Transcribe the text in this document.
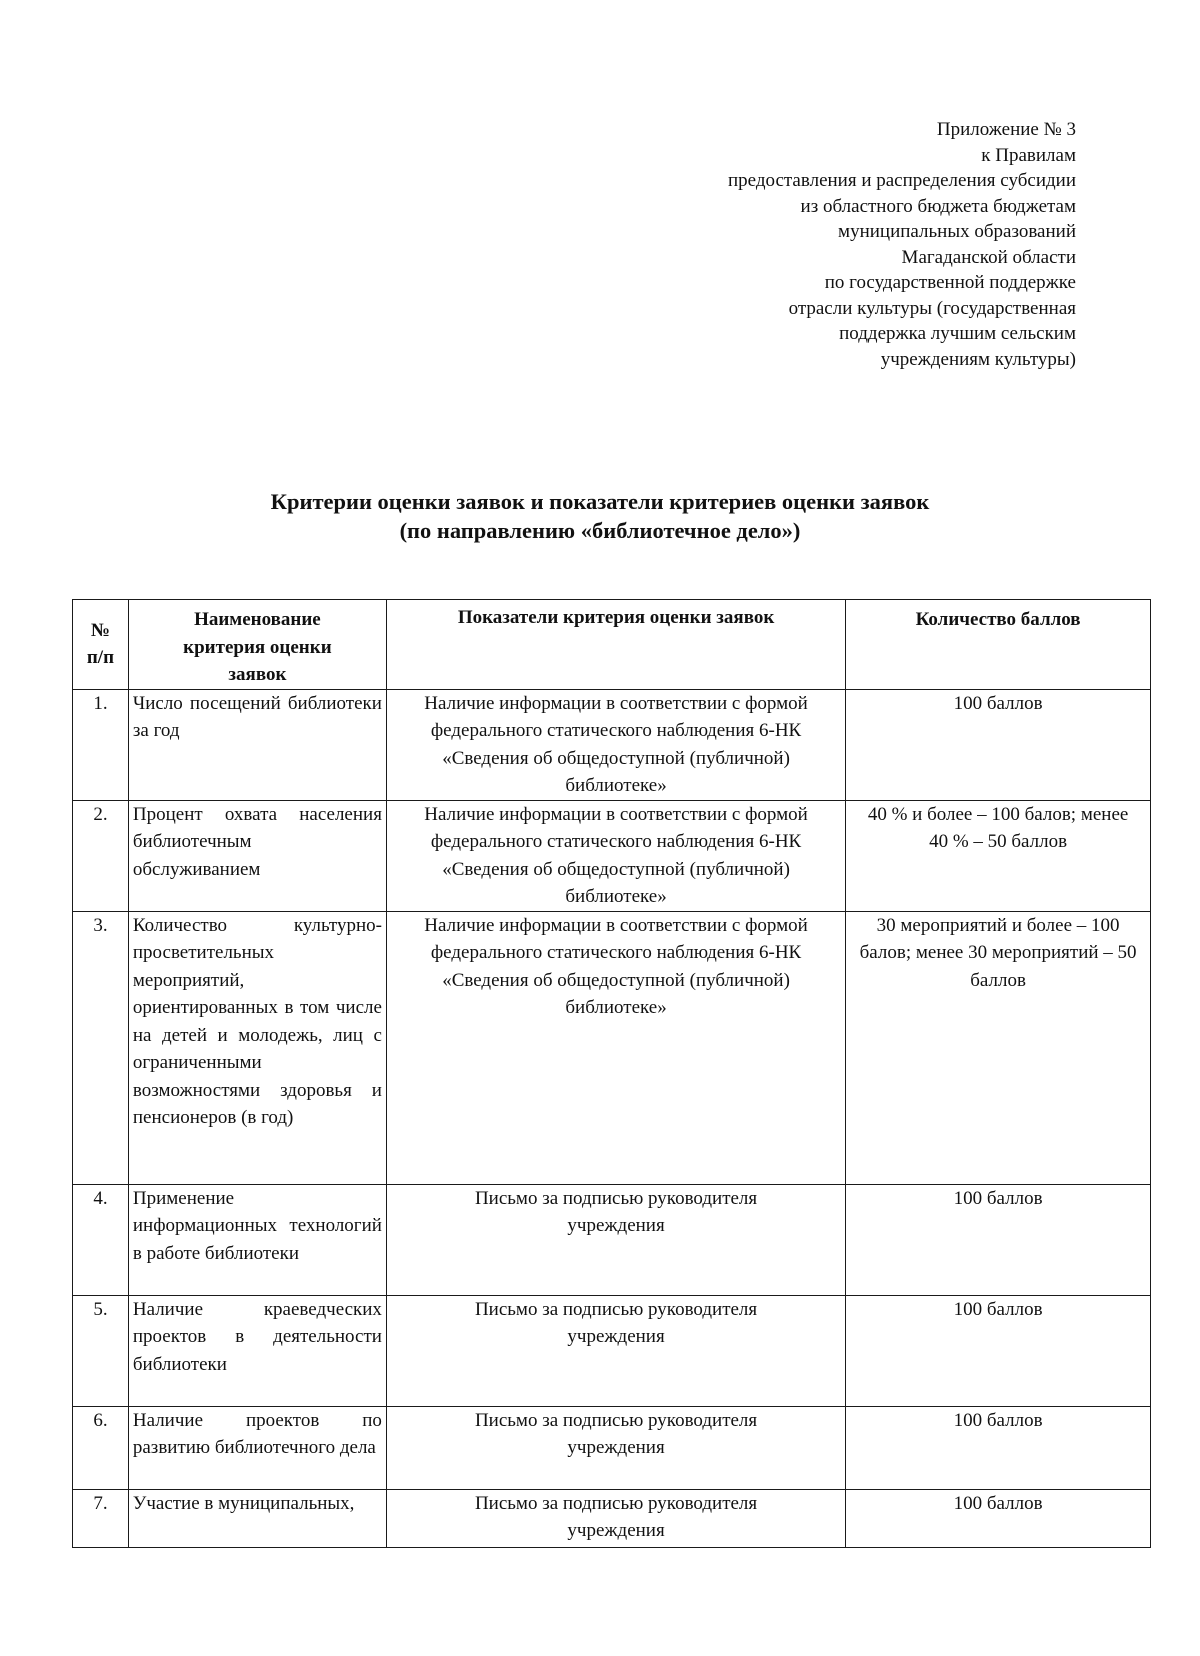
Приложение № 3
к Правилам
предоставления и распределения субсидии
из областного бюджета бюджетам
муниципальных образований
Магаданской области
по государственной поддержке
отрасли культуры (государственная
поддержка лучшим сельским
учреждениям культуры)
Критерии оценки заявок и показатели критериев оценки заявок
(по направлению «библиотечное дело»)
№
п/п	Наименование критерия оценки заявок	Показатели критерия оценки заявок	Количество баллов
1.	Число посещений библиотеки за год	Наличие информации в соответствии с формой федерального статического наблюдения 6-НК «Сведения об общедоступной (публичной) библиотеке»	100 баллов
2.	Процент охвата населения библиотечным обслуживанием	Наличие информации в соответствии с формой федерального статического наблюдения 6-НК «Сведения об общедоступной (публичной) библиотеке»	40 % и более – 100 балов; менее 40 % – 50 баллов
3.	Количество культурно-просветительных мероприятий, ориентированных в том числе на детей и молодежь, лиц с ограниченными возможностями здоровья и пенсионеров (в год)	Наличие информации в соответствии с формой федерального статического наблюдения 6-НК «Сведения об общедоступной (публичной) библиотеке»	30 мероприятий и более – 100 балов; менее 30 мероприятий – 50 баллов
4.	Применение информационных технологий в работе библиотеки	Письмо за подписью руководителя учреждения	100 баллов
5.	Наличие краеведческих проектов в деятельности библиотеки	Письмо за подписью руководителя учреждения	100 баллов
6.	Наличие проектов по развитию библиотечного дела	Письмо за подписью руководителя учреждения	100 баллов
7.	Участие в муниципальных,	Письмо за подписью руководителя учреждения	100 баллов
